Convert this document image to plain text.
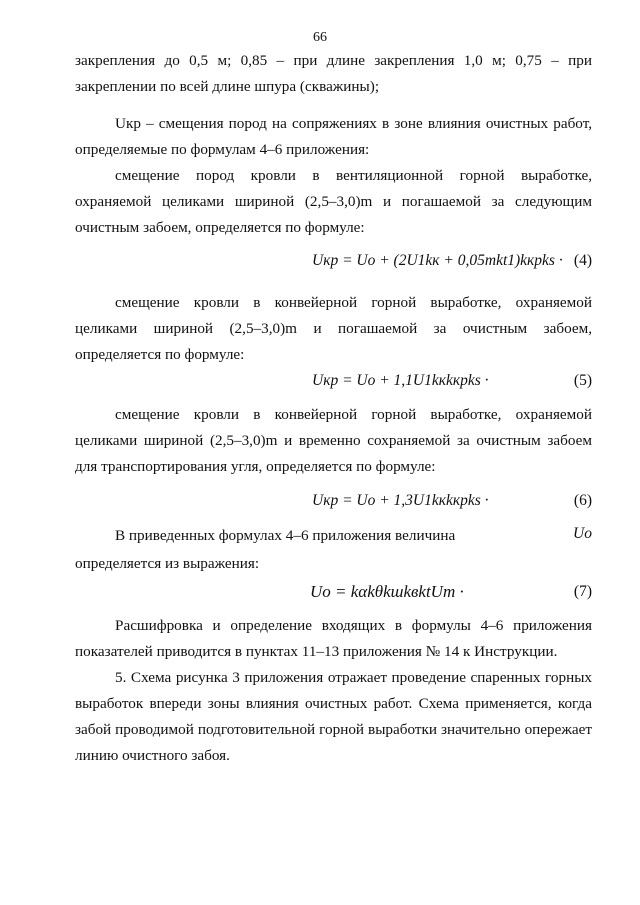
66

закрепления до 0,5 м; 0,85 – при длине закрепления 1,0 м; 0,75 – при закреплении по всей длине шпура (скважины);

Uкр – смещения пород на сопряжениях в зоне влияния очистных работ, определяемые по формулам 4–6 приложения:

смещение пород кровли в вентиляционной горной выработке, охраняемой целиками шириной (2,5–3,0)m и погашаемой за следующим очистным забоем, определяется по формуле:

Uкр = Uо + (2U1kк + 0,05mkt1)kкрks · (4)

смещение кровли в конвейерной горной выработке, охраняемой целиками шириной (2,5–3,0)m и погашаемой за очистным забоем, определяется по формуле:

Uкр = Uо + 1,1U1kкkкрks ·	(5)

смещение кровли в конвейерной горной выработке, охраняемой целиками шириной (2,5–3,0)m и временно сохраняемой за очистным забоем для транспортирования угля, определяется по формуле:

Uкр = Uо + 1,3U1kкkкрks ·	(6)

В приведенных формулах 4–6 приложения величина	Uо

определяется из выражения:

Uо = kαkθkшkвktUт ·	(7)

Расшифровка и определение входящих в формулы 4–6 приложения показателей приводится в пунктах 11–13 приложения № 14 к Инструкции.

5. Схема рисунка 3 приложения отражает проведение спаренных горных выработок впереди зоны влияния очистных работ. Схема применяется, когда забой проводимой подготовительной горной выработки значительно опережает линию очистного забоя.
